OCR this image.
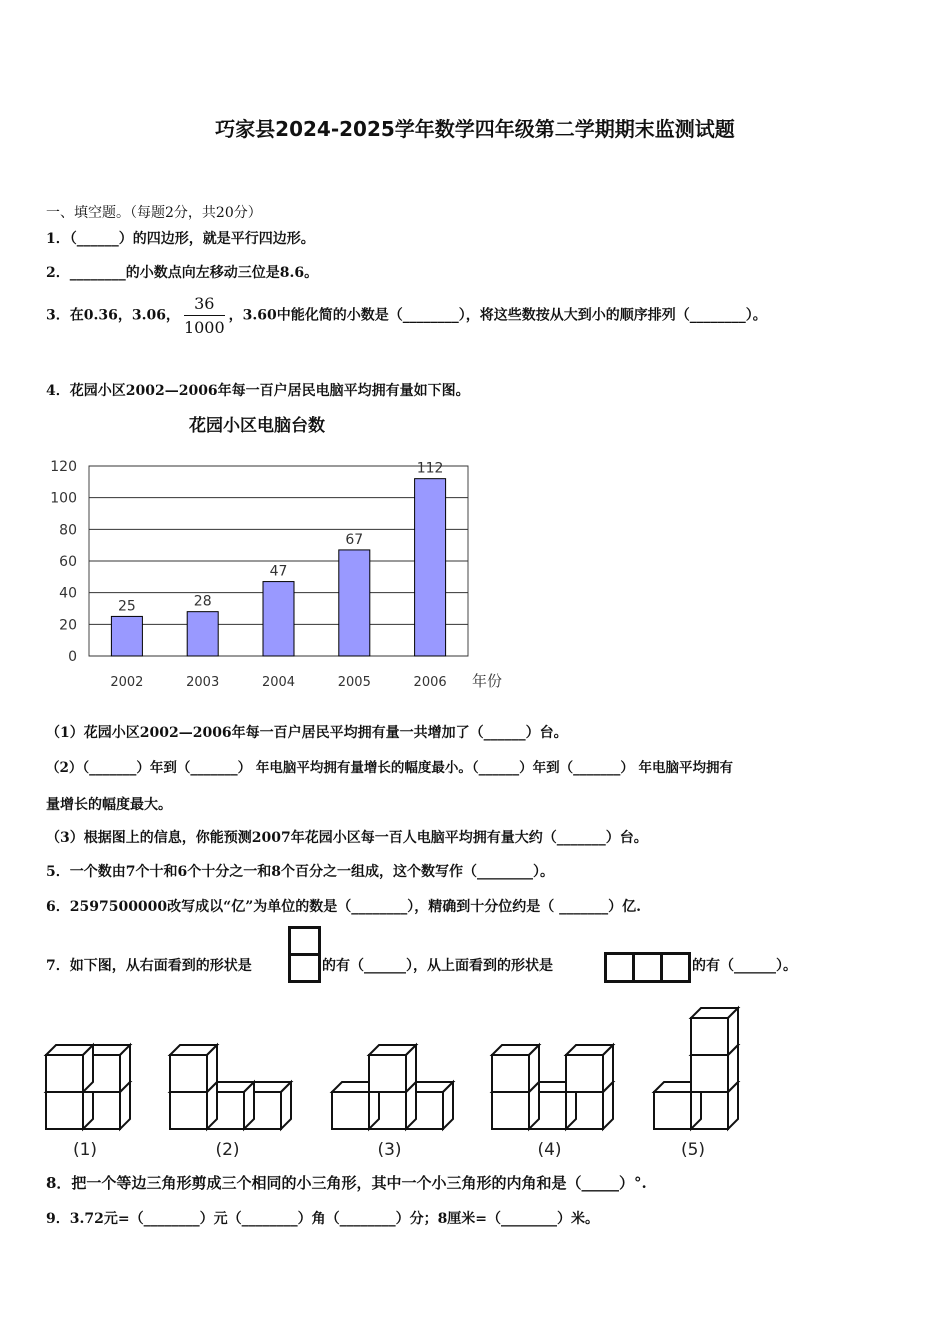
巧家县2024-2025学年数学四年级第二学期期末监测试题
一、填空题。（每题2分，共20分）
1．（______）的四边形，就是平行四边形。
2．________的小数点向左移动三位是8.6。
3．在0.36，3.06， $\frac{36}{1000}$ ，3.60中能化简的小数是（________），将这些数按从大到小的顺序排列（________）。
4．花园小区2002—2006年每一百户居民电脑平均拥有量如下图。
花园小区电脑台数
0
20
40
60
80
100
120
25
2002
28
2003
47
2004
67
2005
112
2006 年份
（1）花园小区2002—2006年每一百户居民平均拥有量一共增加了（______）台。
（2）（_______）年到（_______） 年电脑平均拥有量增长的幅度最小。（______）年到（_______） 年电脑平均拥有
量增长的幅度最大。
（3）根据图上的信息，你能预测2007年花园小区每一百人电脑平均拥有量大约（_______）台。
5．一个数由7个十和6个十分之一和8个百分之一组成，这个数写作（________）。
6．2597500000改写成以“亿”为单位的数是（________），精确到十分位约是（ _______）亿.
7．如下图，从右面看到的形状是	的有（______），从上面看到的形状是	的有（______）。
(1)	(2)	(3)	(4)	(5)
8．把一个等边三角形剪成三个相同的小三角形，其中一个小三角形的内角和是（_____）°.
9．3.72元=（________）元（________）角（________）分；8厘米=（________）米。
